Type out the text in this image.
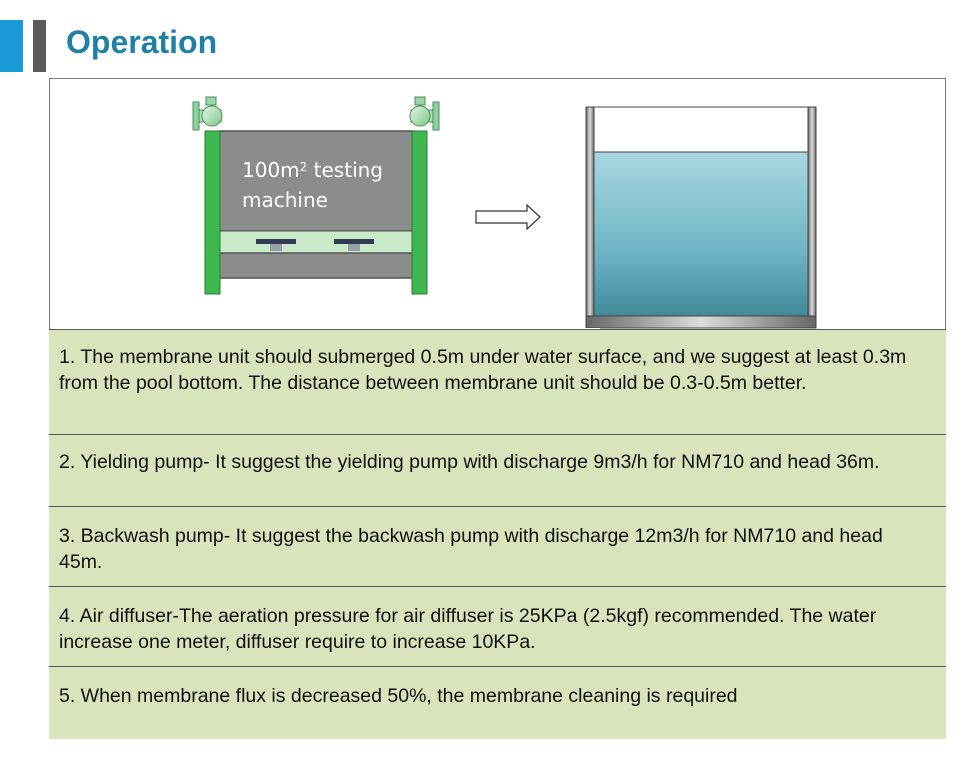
Operation
$100m^2$ testing
machine
1. The membrane unit should submerged 0.5m under water surface, and we suggest at least 0.3m from the pool bottom. The distance between membrane unit should be 0.3-0.5m better.
2. Yielding pump- It suggest the yielding pump with discharge 9m3/h for NM710 and head 36m.
3. Backwash pump- It suggest the backwash pump with discharge 12m3/h for NM710 and head 45m.
4. Air diffuser-The aeration pressure for air diffuser is 25KPa (2.5kgf) recommended. The water increase one meter, diffuser require to increase 10KPa.
5. When membrane flux is decreased 50%, the membrane cleaning is required
